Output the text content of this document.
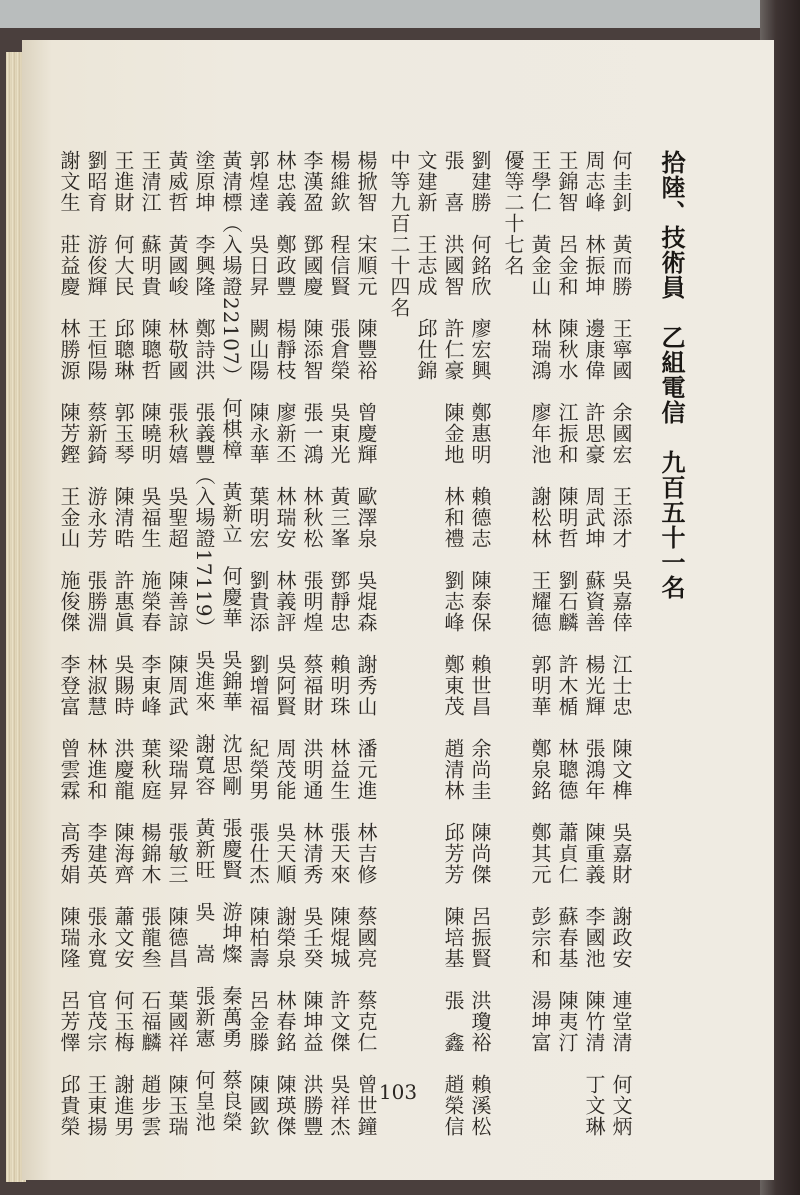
拾陸、技術員　乙組電信　九百五十一名
何圭釗　黃而勝　王寧國　余國宏　王添才　吳嘉倖　江士忠　陳文榫　吳嘉財　謝政安　連堂清　何文炳
周志峰　林振坤　邊康偉　許思豪　周武坤　蘇資善　楊光輝　張鴻年　陳重義　李國池　陳竹清　丁文琳
王錦智　呂金和　陳秋水　江振和　陳明哲　劉石麟　許木楯　林聰德　蕭貞仁　蘇春基　陳夷汀
王學仁　黃金山　林瑞鴻　廖年池　謝松林　王耀德　郭明華　鄭泉銘　鄭其元　彭宗和　湯坤富
優等二十七名
劉建勝　何銘欣　廖宏興　鄭惠明　賴德志　陳泰保　賴世昌　余尚圭　陳尚傑　呂振賢　洪瓊裕　賴溪松
張　喜　洪國智　許仁豪　陳金地　林和禮　劉志峰　鄭東茂　趙清林　邱芳芳　陳培基　張　鑫　趙榮信
文建新　王志成　邱仕錦
中等九百二十四名
楊掀智　宋順元　陳豐裕　曾慶輝　歐澤泉　吳焜森　謝秀山　潘元進　林吉修　蔡國亮　蔡克仁　曾世鐘
楊維欽　程信賢　張倉榮　吳東光　黃三峯　鄧靜忠　賴明珠　林益生　張天來　陳焜城　許文傑　吳祥杰
李漢盈　鄧國慶　陳添智　張一鴻　林秋松　張明煌　蔡福財　洪明通　林清秀　吳壬癸　陳坤益　洪勝豐
林忠義　鄭政豐　楊靜枝　廖新丕　林瑞安　林義評　吳阿賢　周茂能　吳天順　謝榮泉　林春銘　陳瑛傑
郭煌達　吳日昇　闕山陽　陳永華　葉明宏　劉貴添　劉增福　紀榮男　張仕杰　陳柏壽　呂金滕　陳國欽
黃清標（入場證22107）　何棋樟　黃新立　何慶華　吳錦華　沈思剛　張慶賢　游坤燦　秦萬勇　蔡良榮
塗原坤　李興隆　鄭詩洪　張義豐（入場證17119）　吳進來　謝寬容　黃新旺　吳　嵩　張新憲　何皇池
黃威哲　黃國峻　林敬國　張秋嬉　吳聖超　陳善諒　陳周武　梁瑞昇　張敏三　陳德昌　葉國祥　陳玉瑞
王清江　蘇明貴　陳聰哲　陳曉明　吳福生　施榮春　李東峰　葉秋庭　楊錦木　張龍叁　石福麟　趙步雲
王進財　何大民　邱聰琳　郭玉琴　陳清晧　許惠眞　吳賜時　洪慶龍　陳海齊　蕭文安　何玉梅　謝進男
劉昭育　游俊輝　王恒陽　蔡新錡　游永芳　張勝淵　林淑慧　林進和　李建英　張永寬　官茂宗　王東揚
謝文生　莊益慶　林勝源　陳芳鏗　王金山　施俊傑　李登富　曾雲霖　高秀娟　陳瑞隆　呂芳懌　邱貴榮	103
